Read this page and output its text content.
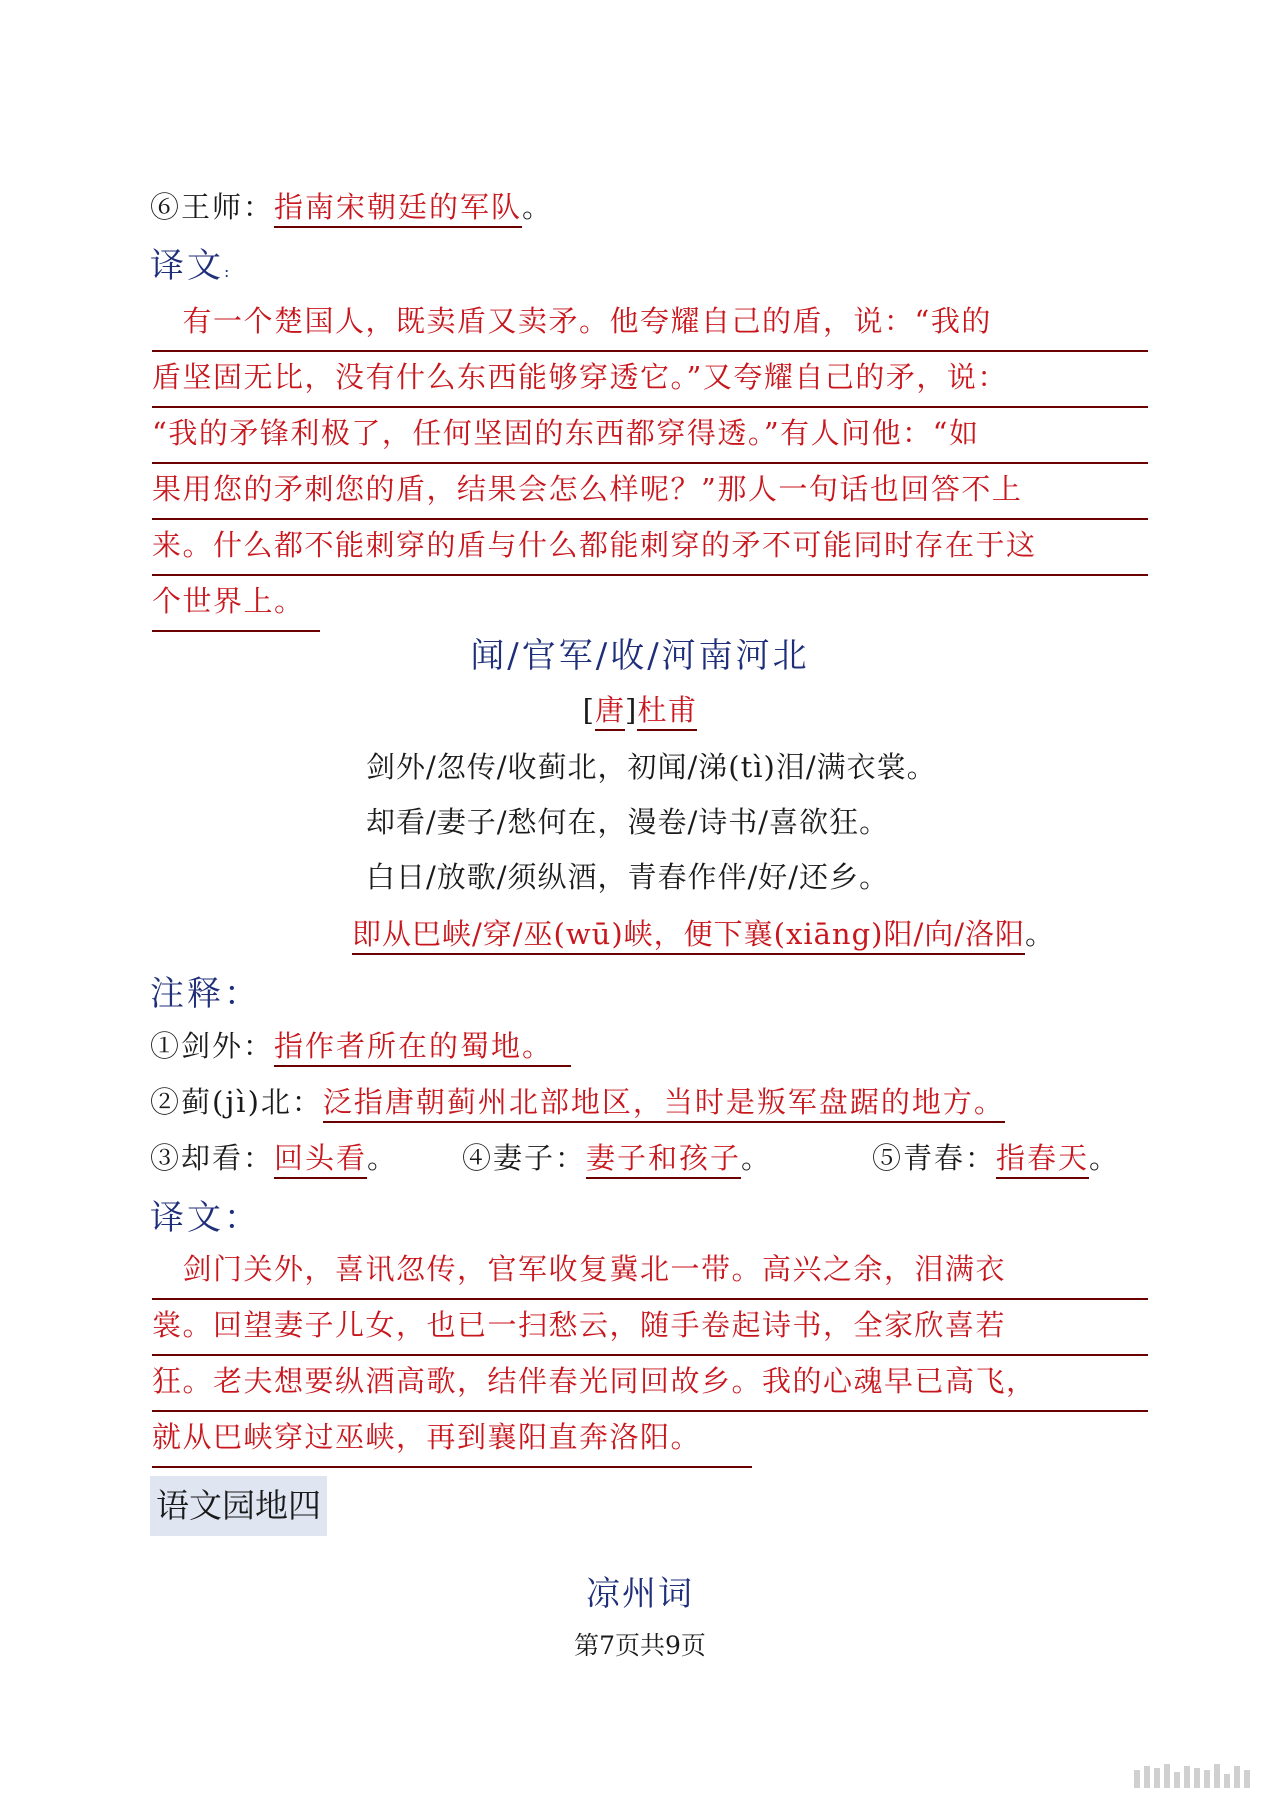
⑥王师：指南宋朝廷的军队。
译文:
　有一个楚国人，既卖盾又卖矛。他夸耀自己的盾，说：“我的
盾坚固无比，没有什么东西能够穿透它。”又夸耀自己的矛，说：
“我的矛锋利极了，任何坚固的东西都穿得透。”有人问他：“如
果用您的矛刺您的盾，结果会怎么样呢？”那人一句话也回答不上
来。什么都不能刺穿的盾与什么都能刺穿的矛不可能同时存在于这
个世界上。
闻/官军/收/河南河北
[唐]杜甫
剑外/忽传/收蓟北，初闻/涕(tì)泪/满衣裳。
却看/妻子/愁何在，漫卷/诗书/喜欲狂。
白日/放歌/须纵酒，青春作伴/好/还乡。
即从巴峡/穿/巫(wū)峡，便下襄(xiāng)阳/向/洛阳。
注释：
①剑外：指作者所在的蜀地。
②蓟(jì)北：泛指唐朝蓟州北部地区，当时是叛军盘踞的地方。
③却看：回头看。 ④妻子：妻子和孩子。	⑤青春：指春天。
译文：
　剑门关外，喜讯忽传，官军收复冀北一带。高兴之余，泪满衣
裳。回望妻子儿女，也已一扫愁云，随手卷起诗书，全家欣喜若
狂。老夫想要纵酒高歌，结伴春光同回故乡。我的心魂早已高飞，
就从巴峡穿过巫峡，再到襄阳直奔洛阳。
语文园地四
凉州词
第7页共9页
